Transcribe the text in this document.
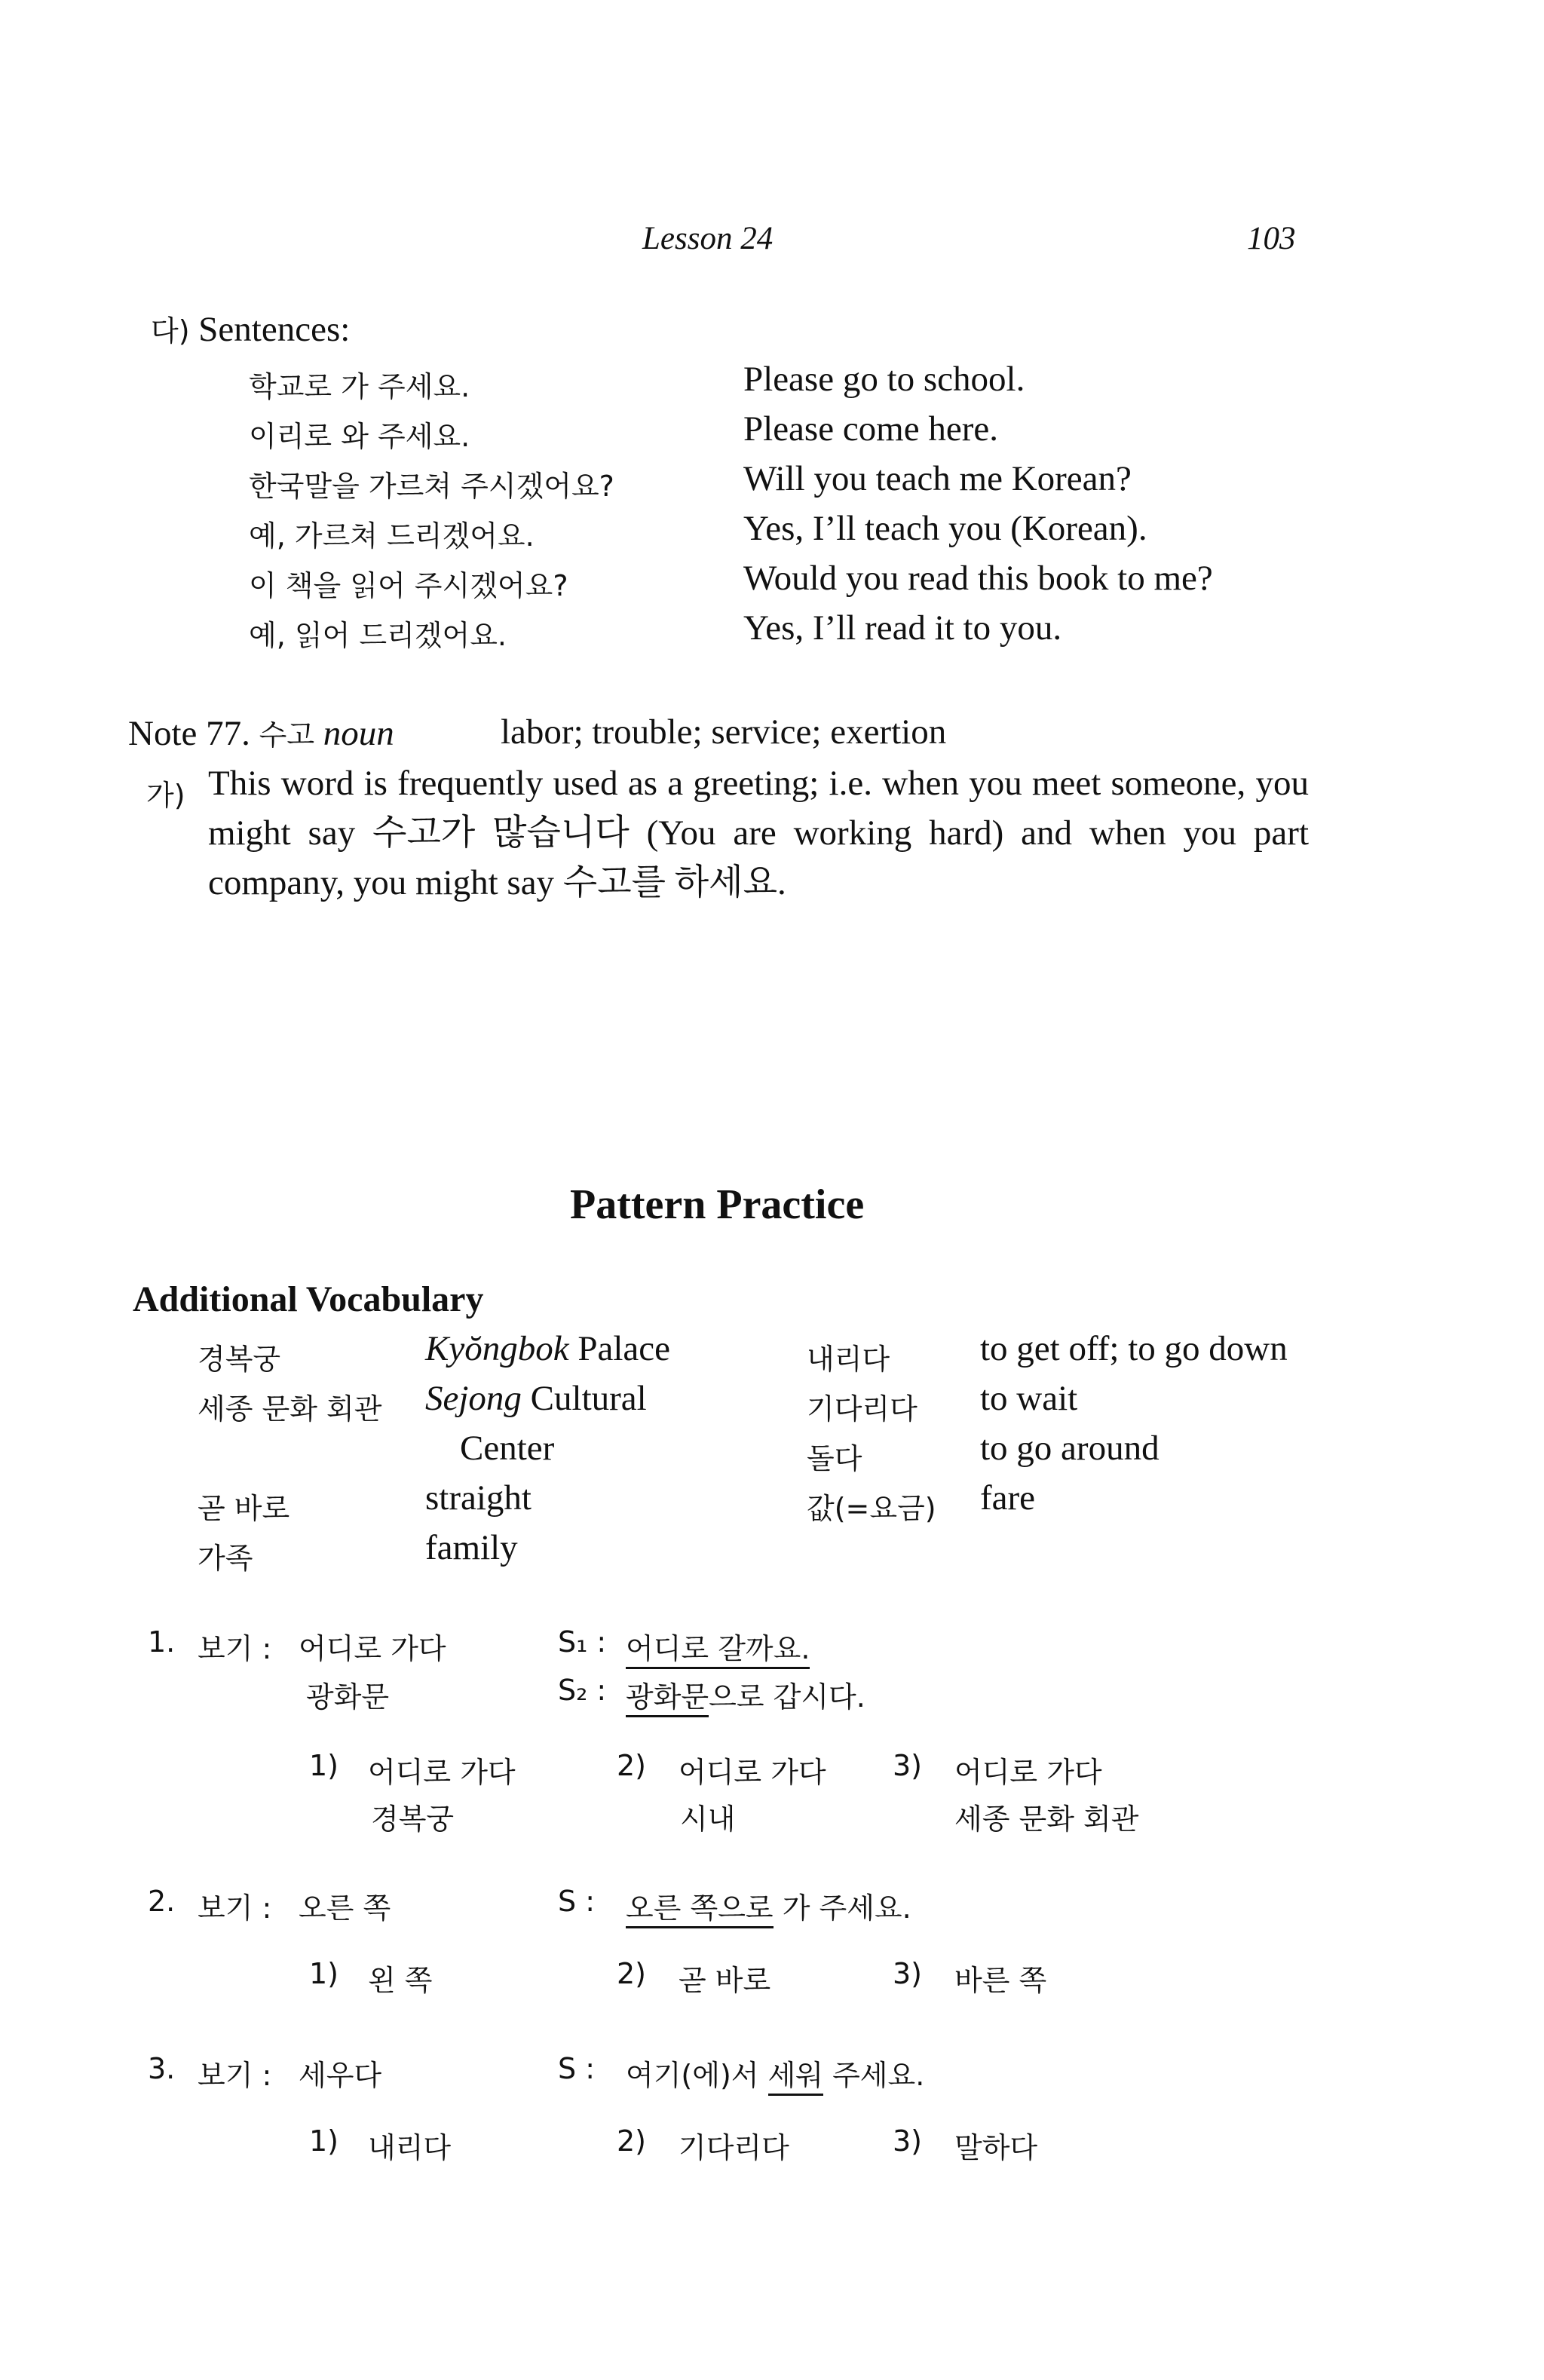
Lesson 24	103
다) Sentences:
학교로 가 주세요.	Please go to school.
이리로 와 주세요.	Please come here.
한국말을 가르쳐 주시겠어요?	Will you teach me Korean?
예, 가르쳐 드리겠어요.	Yes, I’ll teach you (Korean).
이 책을 읽어 주시겠어요?	Would you read this book to me?
예, 읽어 드리겠어요.	Yes, I’ll read it to you.
Note 77. 수고 noun	labor; trouble; service; exertion
가) This word is frequently used as a greeting; i.e. when you meet someone, you might say 수고가 많습니다 (You are working hard) and when you part company, you might say 수고를 하세요.
Pattern Practice
Additional Vocabulary
경복궁	Kyŏngbok Palace
세종 문화 회관 Sejong Cultural
Center
곧 바로	straight
가족	family
내리다	to get off; to go down
기다리다 to wait
돌다	to go around
값(=요금) fare
1. 보기 : 어디로 가다
광화문
S₁ : 어디로 갈까요.
S₂ : 광화문으로 갑시다.
1) 어디로 가다
경복궁
2) 어디로 가다
시내
3) 어디로 가다
세종 문화 회관
2. 보기 : 오른 쪽	S : 오른 쪽으로 가 주세요.
1) 왼 쪽	2) 곧 바로	3) 바른 쪽
3. 보기 : 세우다	S : 여기(에)서 세워 주세요.
1) 내리다	2) 기다리다	3) 말하다
